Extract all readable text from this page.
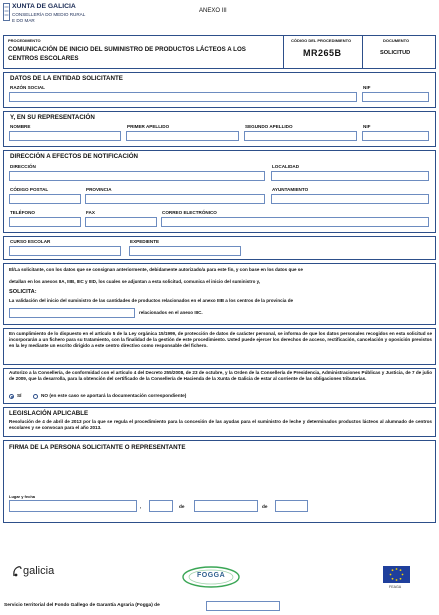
XUNTA DE GALICIA
CONSELLERÍA DO MEDIO RURAL
E DO MAR
ANEXO III
PROCEDIMENTO
COMUNICACIÓN DE INICIO DEL SUMINISTRO DE PRODUCTOS LÁCTEOS A LOS
CENTROS ESCOLARES
CÓDIGO DEL PROCEDIMIENTO
MR265B
DOCUMENTO
SOLICITUD
DATOS DE LA ENTIDAD SOLICITANTE
RAZÓN SOCIAL	NIF
Y, EN SU REPRESENTACIÓN
NOMBRE	PRIMER APELLIDO	SEGUNDO APELLIDO	NIF
DIRECCIÓN A EFECTOS DE NOTIFICACIÓN
DIRECCIÓN	LOCALIDAD
CÓDIGO POSTAL	PROVINCIA	AYUNTAMIENTO
TELÉFONO	FAX	CORREO ELECTRÓNICO
CURSO ESCOLAR	EXPEDIENTE
El/La solicitante, con los datos que se consignan anteriormente, debidamente autorizado/a para este fin, y con base en los datos que se
detallan en los anexos IIA, IIIB, IIIC y IIID, los cuales se adjuntan a esta solicitud, comunica el inicio del suministro y,
SOLICITA:
La validación del inicio del suministro de las cantidades de productos relacionados en el anexo IIIB a los centros de la provincia de
relacionados en el anexo IIIC.
En cumplimiento de lo dispuesto en el artículo 5 de la Ley orgánica 15/1999, de protección de datos de carácter personal, se informa de que los datos personales recogidos en esta solicitud se incorporarán a un fichero para su tratamiento, con la finalidad de la gestión de este procedimiento. Usted puede ejercer los derechos de acceso, rectificación, cancelación y oposición previstos en la ley mediante un escrito dirigido a este centro directivo como responsable del fichero.
Autorizo a la Consellería, de conformidad con el artículo 4 del Decreto 255/2008, de 23 de octubre, y la Orden de la Consellería de Presidencia, Administraciones Públicas y Justicia, de 7 de julio de 2009, que la desarrolla, para la obtención del certificado de la Consellería de Hacienda de la Xunta de Galicia de estar al corriente de las obligaciones tributarias.
SÍ	NO (en este caso se aportará la documentación correspondiente)
LEGISLACIÓN APLICABLE
Resolución de 4 de abril de 2013 por la que se regula el procedimiento para la concesión de las ayudas para el suministro de leche y determinados productos lácteos al alumnado de centros escolares y se convocan para el año 2013.
FIRMA DE LA PERSONA SOLICITANTE O REPRESENTANTE
Lugar y fecha
,	de	de
galicia	FOGGA
FEAGA
Servicio territorial del Fondo Gallego de Garantía Agraria (Fogga) de
